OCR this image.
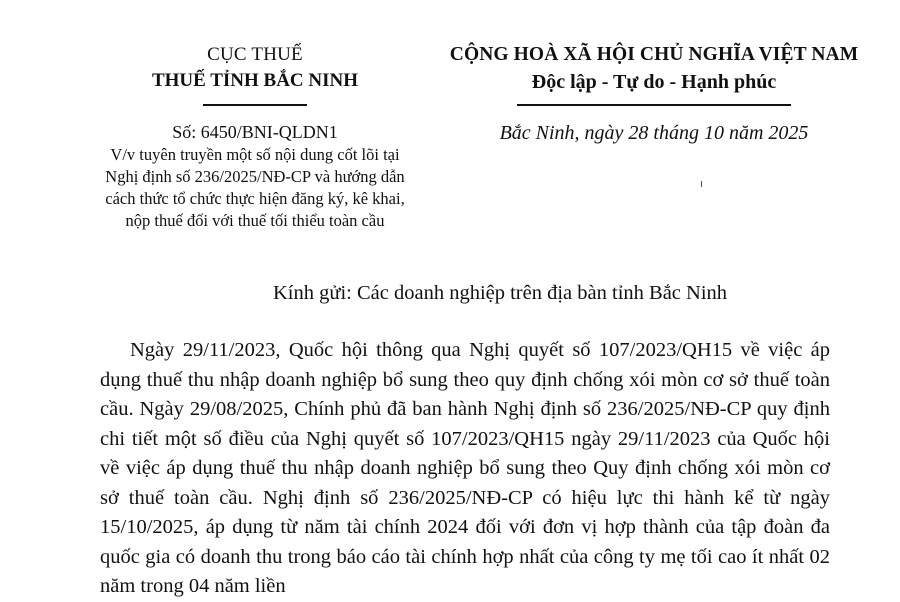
CỤC THUẾ
THUẾ TỈNH BẮC NINH
Số: 6450/BNI-QLDN1
V/v tuyên truyền một số nội dung cốt lõi tại
Nghị định số 236/2025/NĐ-CP và hướng dẫn
cách thức tổ chức thực hiện đăng ký, kê khai,
nộp thuế đối với thuế tối thiểu toàn cầu
CỘNG HOÀ XÃ HỘI CHỦ NGHĨA VIỆT NAM
Độc lập - Tự do - Hạnh phúc
Bắc Ninh, ngày 28 tháng 10 năm 2025
Kính gửi: Các doanh nghiệp trên địa bàn tỉnh Bắc Ninh

Ngày 29/11/2023, Quốc hội thông qua Nghị quyết số 107/2023/QH15 về việc áp dụng thuế thu nhập doanh nghiệp bổ sung theo quy định chống xói mòn cơ sở thuế toàn cầu. Ngày 29/08/2025, Chính phủ đã ban hành Nghị định số 236/2025/NĐ-CP quy định chi tiết một số điều của Nghị quyết số 107/2023/QH15 ngày 29/11/2023 của Quốc hội về việc áp dụng thuế thu nhập doanh nghiệp bổ sung theo Quy định chống xói mòn cơ sở thuế toàn cầu. Nghị định số 236/2025/NĐ-CP có hiệu lực thi hành kể từ ngày 15/10/2025, áp dụng từ năm tài chính 2024 đối với đơn vị hợp thành của tập đoàn đa quốc gia có doanh thu trong báo cáo tài chính hợp nhất của công ty mẹ tối cao ít nhất 02 năm trong 04 năm liền
